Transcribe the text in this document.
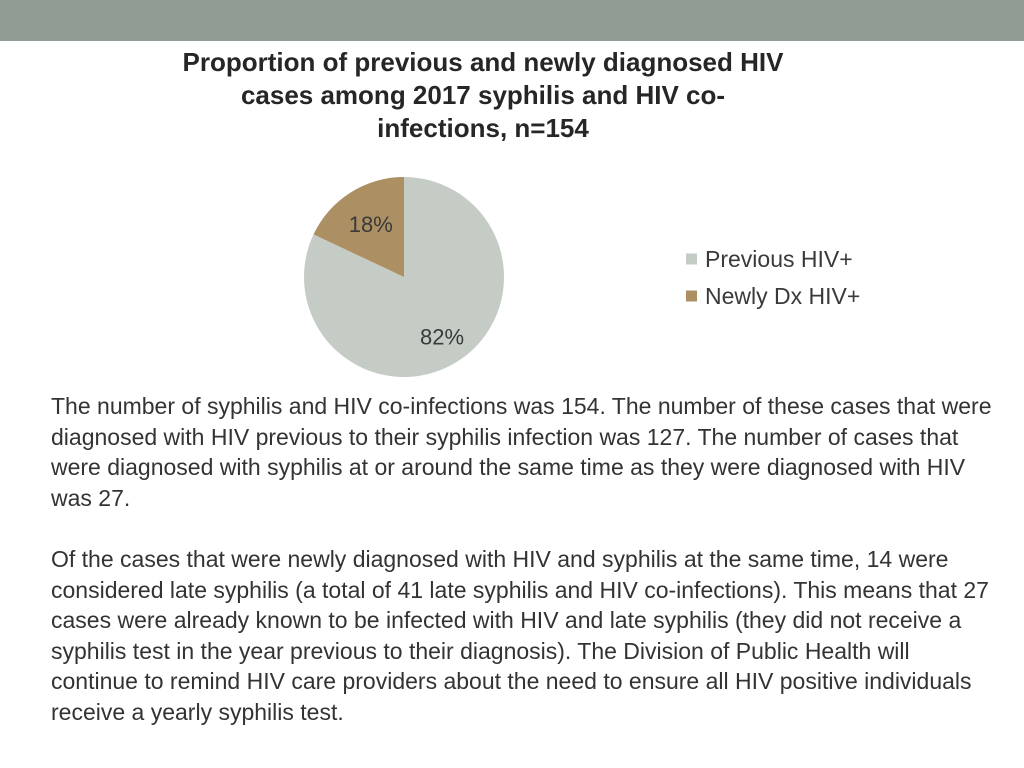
Proportion of previous and newly diagnosed HIV cases among 2017 syphilis and HIV co-infections, n=154
82%
18%
Previous HIV+
Newly Dx HIV+

The number of syphilis and HIV co-infections was 154. The number of these cases that were diagnosed with HIV previous to their syphilis infection was 127. The number of cases that were diagnosed with syphilis at or around the same time as they were diagnosed with HIV was 27.

Of the cases that were newly diagnosed with HIV and syphilis at the same time, 14 were considered late syphilis (a total of 41 late syphilis and HIV co-infections). This means that 27 cases were already known to be infected with HIV and late syphilis (they did not receive a syphilis test in the year previous to their diagnosis). The Division of Public Health will continue to remind HIV care providers about the need to ensure all HIV positive individuals receive a yearly syphilis test.
